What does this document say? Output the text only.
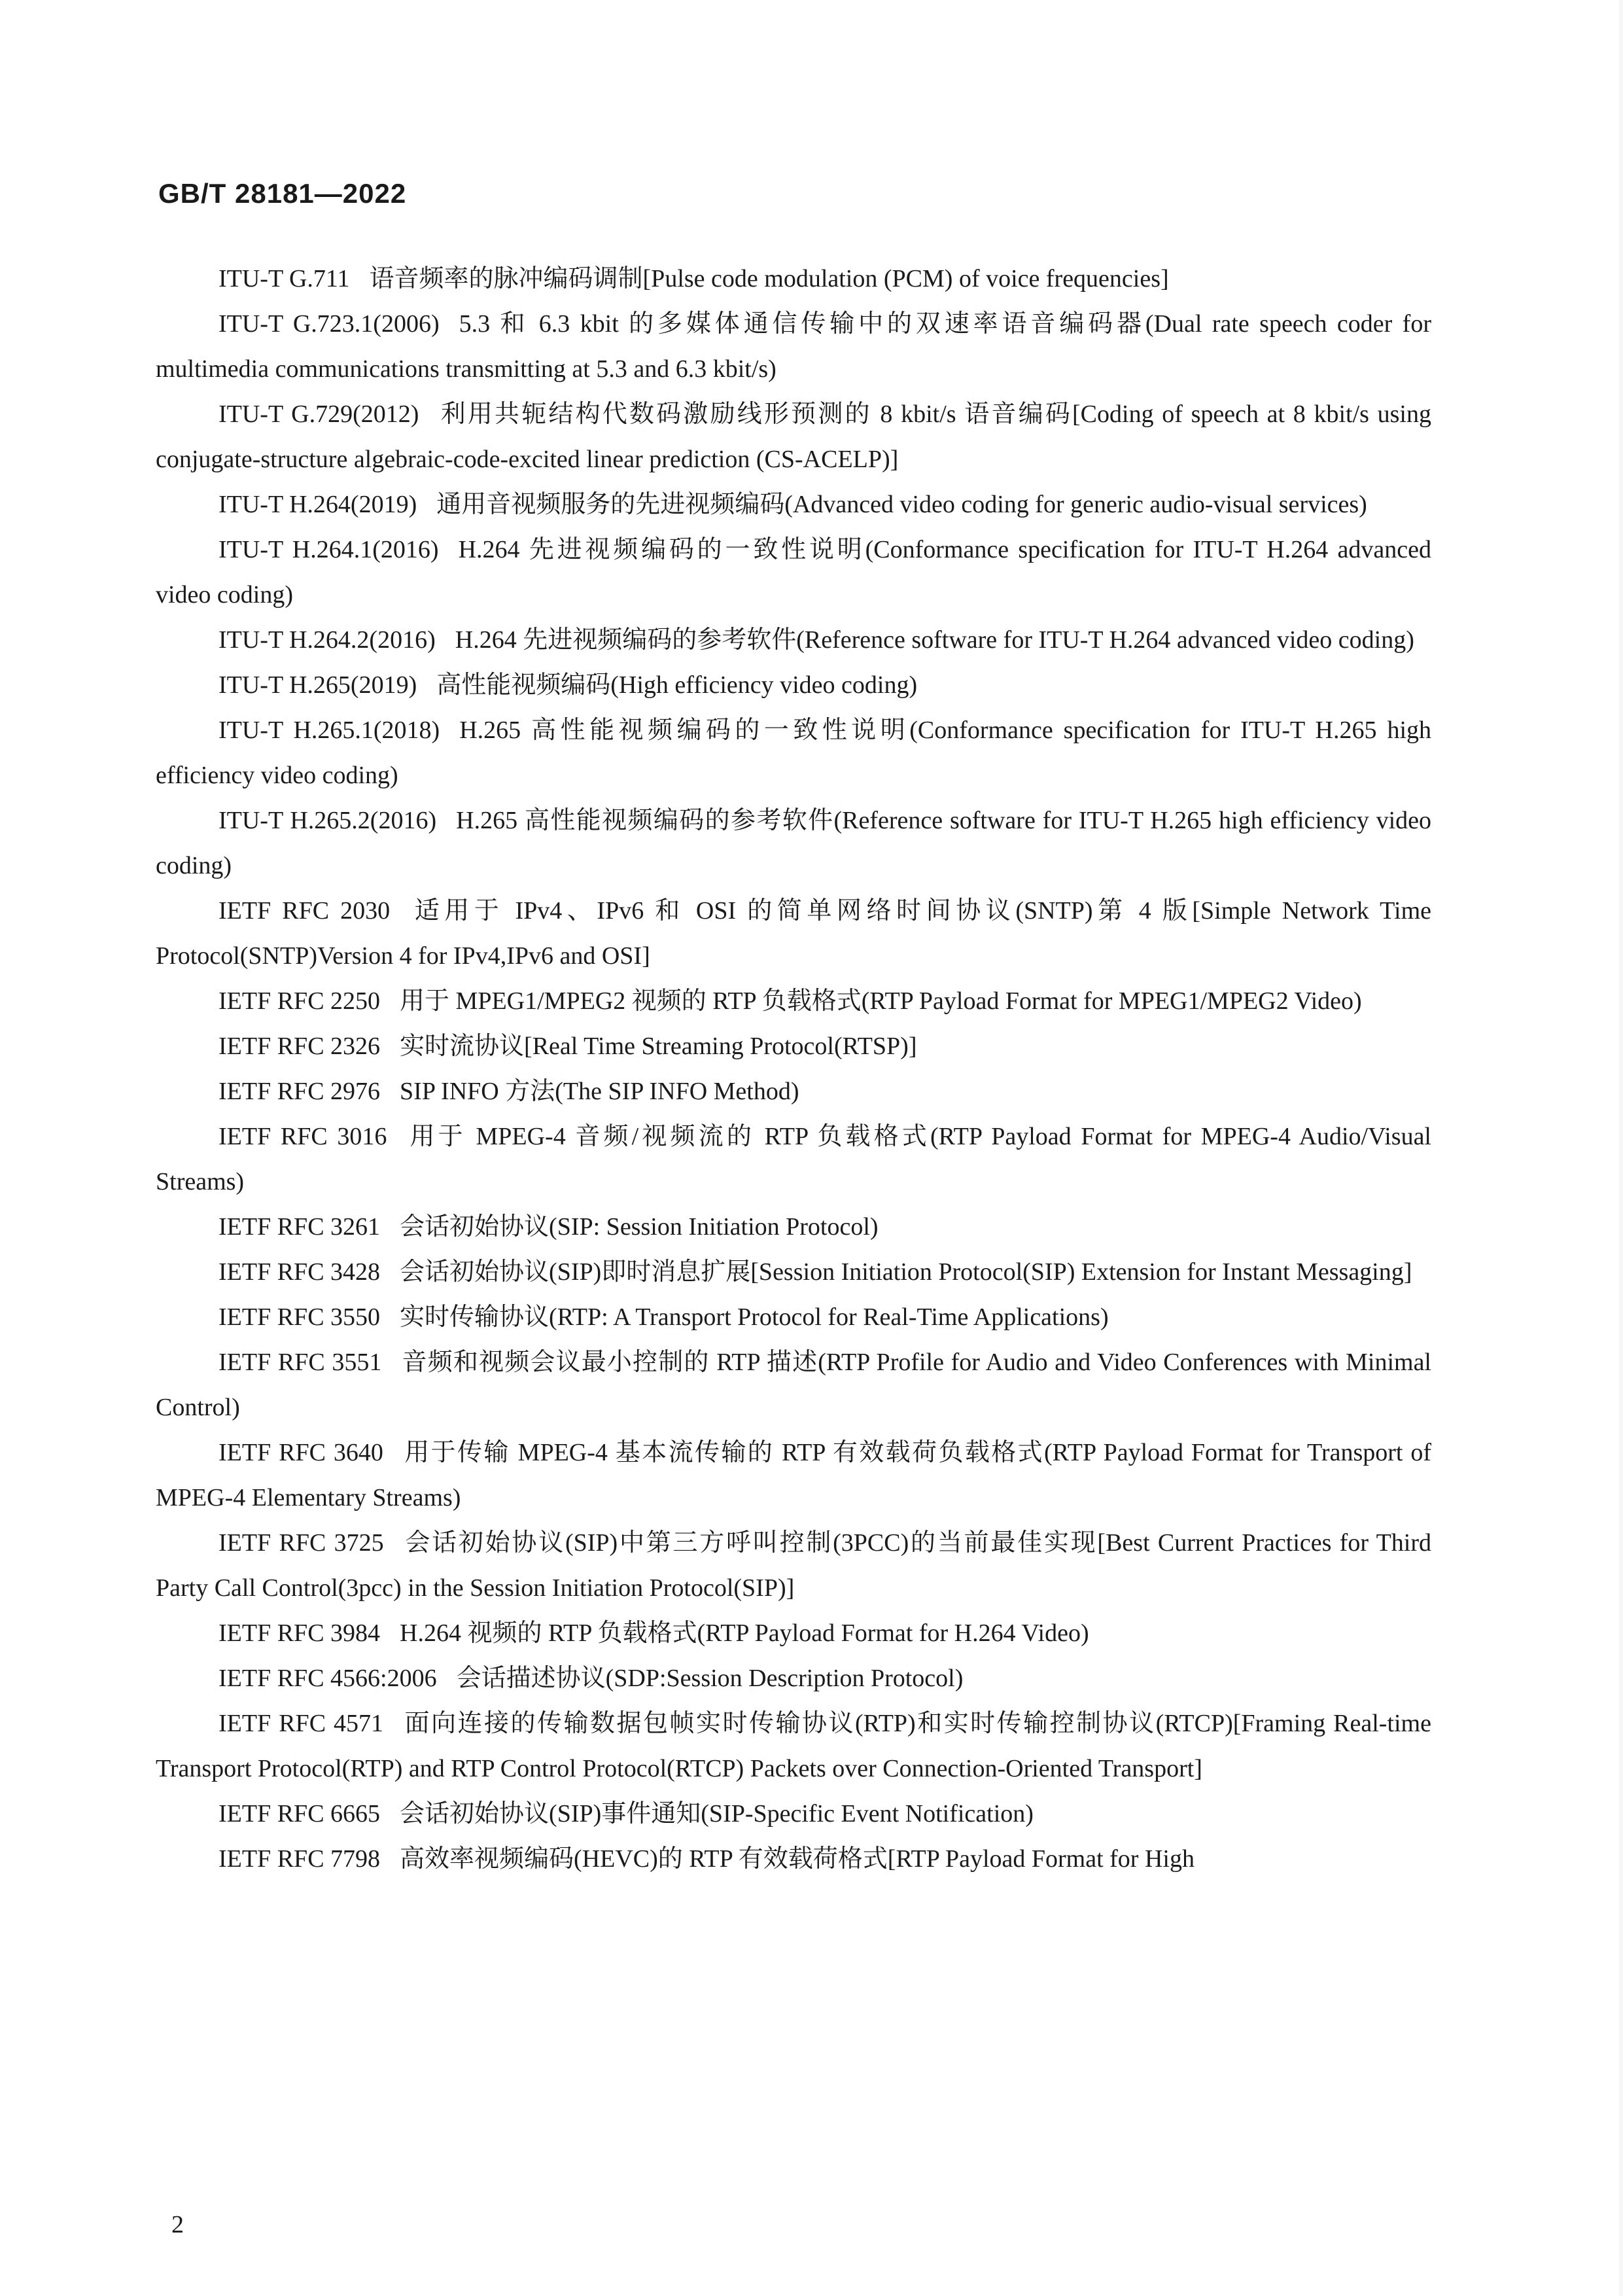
GB/T 28181—2022
ITU-T G.711 语音频率的脉冲编码调制[Pulse code modulation (PCM) of voice frequencies]
ITU-T G.723.1(2006) 5.3 和 6.3 kbit 的多媒体通信传输中的双速率语音编码器(Dual rate speech coder for multimedia communications transmitting at 5.3 and 6.3 kbit/s)
ITU-T G.729(2012) 利用共轭结构代数码激励线形预测的 8 kbit/s 语音编码[Coding of speech at 8 kbit/s using conjugate-structure algebraic-code-excited linear prediction (CS-ACELP)]
ITU-T H.264(2019) 通用音视频服务的先进视频编码(Advanced video coding for generic audio-visual services)
ITU-T H.264.1(2016) H.264 先进视频编码的一致性说明(Conformance specification for ITU-T H.264 advanced video coding)
ITU-T H.264.2(2016) H.264 先进视频编码的参考软件(Reference software for ITU-T H.264 advanced video coding)
ITU-T H.265(2019) 高性能视频编码(High efficiency video coding)
ITU-T H.265.1(2018) H.265 高性能视频编码的一致性说明(Conformance specification for ITU-T H.265 high efficiency video coding)
ITU-T H.265.2(2016) H.265 高性能视频编码的参考软件(Reference software for ITU-T H.265 high efficiency video coding)
IETF RFC 2030 适用于 IPv4、IPv6 和 OSI 的简单网络时间协议(SNTP)第 4 版[Simple Network Time Protocol(SNTP)Version 4 for IPv4,IPv6 and OSI]
IETF RFC 2250 用于 MPEG1/MPEG2 视频的 RTP 负载格式(RTP Payload Format for MPEG1/MPEG2 Video)
IETF RFC 2326 实时流协议[Real Time Streaming Protocol(RTSP)]
IETF RFC 2976 SIP INFO 方法(The SIP INFO Method)
IETF RFC 3016 用于 MPEG-4 音频/视频流的 RTP 负载格式(RTP Payload Format for MPEG-4 Audio/Visual Streams)
IETF RFC 3261 会话初始协议(SIP: Session Initiation Protocol)
IETF RFC 3428 会话初始协议(SIP)即时消息扩展[Session Initiation Protocol(SIP) Extension for Instant Messaging]
IETF RFC 3550 实时传输协议(RTP: A Transport Protocol for Real-Time Applications)
IETF RFC 3551 音频和视频会议最小控制的 RTP 描述(RTP Profile for Audio and Video Conferences with Minimal Control)
IETF RFC 3640 用于传输 MPEG-4 基本流传输的 RTP 有效载荷负载格式(RTP Payload Format for Transport of MPEG-4 Elementary Streams)
IETF RFC 3725 会话初始协议(SIP)中第三方呼叫控制(3PCC)的当前最佳实现[Best Current Practices for Third Party Call Control(3pcc) in the Session Initiation Protocol(SIP)]
IETF RFC 3984 H.264 视频的 RTP 负载格式(RTP Payload Format for H.264 Video)
IETF RFC 4566:2006 会话描述协议(SDP:Session Description Protocol)
IETF RFC 4571 面向连接的传输数据包帧实时传输协议(RTP)和实时传输控制协议(RTCP)[Framing Real-time Transport Protocol(RTP) and RTP Control Protocol(RTCP) Packets over Connection-Oriented Transport]
IETF RFC 6665 会话初始协议(SIP)事件通知(SIP-Specific Event Notification)
IETF RFC 7798 高效率视频编码(HEVC)的 RTP 有效载荷格式[RTP Payload Format for High
2
